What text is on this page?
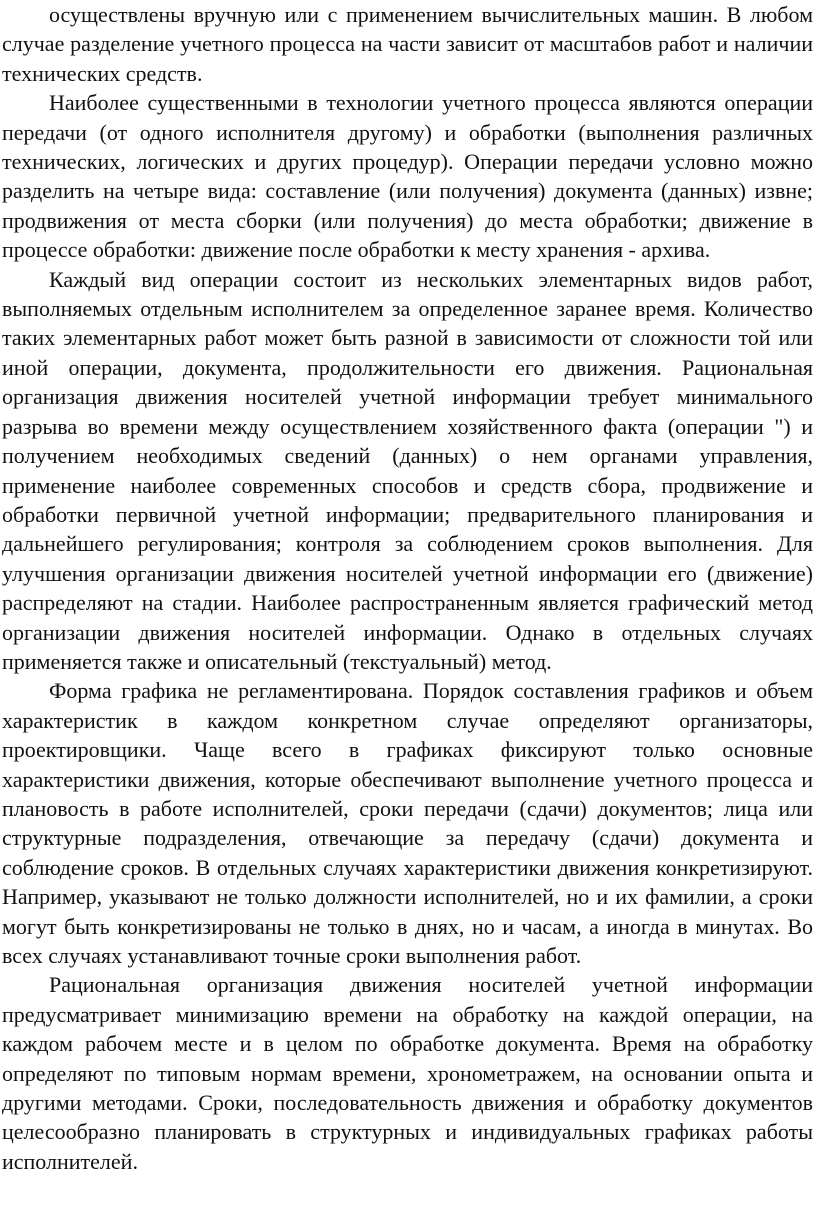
осуществлены вручную или с применением вычислительных машин. В любом случае разделение учетного процесса на части зависит от масштабов работ и наличии технических средств.

Наиболее существенными в технологии учетного процесса являются операции передачи (от одного исполнителя другому) и обработки (выполнения различных технических, логических и других процедур). Операции передачи условно можно разделить на четыре вида: составление (или получения) документа (данных) извне; продвижения от места сборки (или получения) до места обработки; движение в процессе обработки: движение после обработки к месту хранения - архива.

Каждый вид операции состоит из нескольких элементарных видов работ, выполняемых отдельным исполнителем за определенное заранее время. Количество таких элементарных работ может быть разной в зависимости от сложности той или иной операции, документа, продолжительности его движения. Рациональная организация движения носителей учетной информации требует минимального разрыва во времени между осуществлением хозяйственного факта (операции ") и получением необходимых сведений (данных) о нем органами управления, применение наиболее современных способов и средств сбора, продвижение и обработки первичной учетной информации; предварительного планирования и дальнейшего регулирования; контроля за соблюдением сроков выполнения. Для улучшения организации движения носителей учетной информации его (движение) распределяют на стадии. Наиболее распространенным является графический метод организации движения носителей информации. Однако в отдельных случаях применяется также и описательный (текстуальный) метод.

Форма графика не регламентирована. Порядок составления графиков и объем характеристик в каждом конкретном случае определяют организаторы, проектировщики. Чаще всего в графиках фиксируют только основные характеристики движения, которые обеспечивают выполнение учетного процесса и плановость в работе исполнителей, сроки передачи (сдачи) документов; лица или структурные подразделения, отвечающие за передачу (сдачи) документа и соблюдение сроков. В отдельных случаях характеристики движения конкретизируют. Например, указывают не только должности исполнителей, но и их фамилии, а сроки могут быть конкретизированы не только в днях, но и часам, а иногда в минутах. Во всех случаях устанавливают точные сроки выполнения работ.

Рациональная организация движения носителей учетной информации предусматривает минимизацию времени на обработку на каждой операции, на каждом рабочем месте и в целом по обработке документа. Время на обработку определяют по типовым нормам времени, хронометражем, на основании опыта и другими методами. Сроки, последовательность движения и обработку документов целесообразно планировать в структурных и индивидуальных графиках работы исполнителей.
